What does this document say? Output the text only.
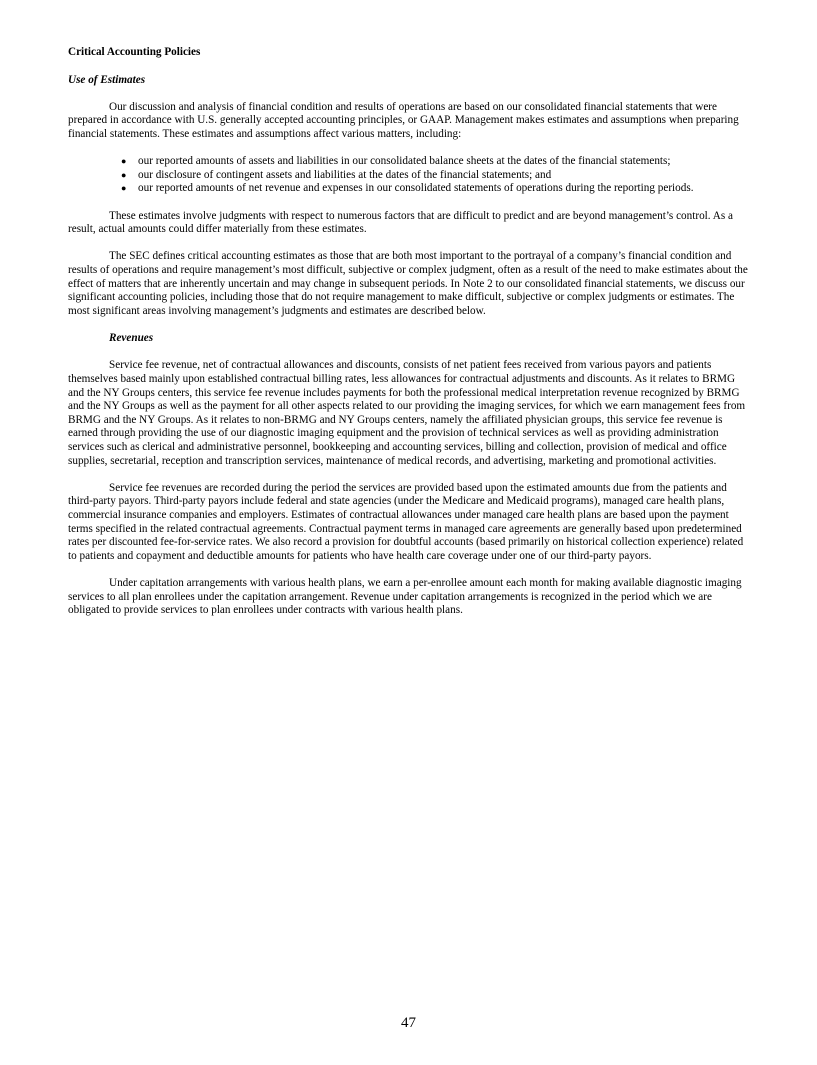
Critical Accounting Policies
Use of Estimates

Our discussion and analysis of financial condition and results of operations are based on our consolidated financial statements that were prepared in accordance with U.S. generally accepted accounting principles, or GAAP. Management makes estimates and assumptions when preparing financial statements. These estimates and assumptions affect various matters, including:

● our reported amounts of assets and liabilities in our consolidated balance sheets at the dates of the financial statements;
● our disclosure of contingent assets and liabilities at the dates of the financial statements; and
● our reported amounts of net revenue and expenses in our consolidated statements of operations during the reporting periods.

These estimates involve judgments with respect to numerous factors that are difficult to predict and are beyond management’s control. As a result, actual amounts could differ materially from these estimates.

The SEC defines critical accounting estimates as those that are both most important to the portrayal of a company’s financial condition and results of operations and require management’s most difficult, subjective or complex judgment, often as a result of the need to make estimates about the effect of matters that are inherently uncertain and may change in subsequent periods. In Note 2 to our consolidated financial statements, we discuss our significant accounting policies, including those that do not require management to make difficult, subjective or complex judgments or estimates. The most significant areas involving management’s judgments and estimates are described below.

Revenues

Service fee revenue, net of contractual allowances and discounts, consists of net patient fees received from various payors and patients themselves based mainly upon established contractual billing rates, less allowances for contractual adjustments and discounts. As it relates to BRMG and the NY Groups centers, this service fee revenue includes payments for both the professional medical interpretation revenue recognized by BRMG and the NY Groups as well as the payment for all other aspects related to our providing the imaging services, for which we earn management fees from BRMG and the NY Groups. As it relates to non-BRMG and NY Groups centers, namely the affiliated physician groups, this service fee revenue is earned through providing the use of our diagnostic imaging equipment and the provision of technical services as well as providing administration services such as clerical and administrative personnel, bookkeeping and accounting services, billing and collection, provision of medical and office supplies, secretarial, reception and transcription services, maintenance of medical records, and advertising, marketing and promotional activities.

Service fee revenues are recorded during the period the services are provided based upon the estimated amounts due from the patients and third-party payors. Third-party payors include federal and state agencies (under the Medicare and Medicaid programs), managed care health plans, commercial insurance companies and employers. Estimates of contractual allowances under managed care health plans are based upon the payment terms specified in the related contractual agreements. Contractual payment terms in managed care agreements are generally based upon predetermined rates per discounted fee-for-service rates. We also record a provision for doubtful accounts (based primarily on historical collection experience) related to patients and copayment and deductible amounts for patients who have health care coverage under one of our third-party payors.

Under capitation arrangements with various health plans, we earn a per-enrollee amount each month for making available diagnostic imaging services to all plan enrollees under the capitation arrangement. Revenue under capitation arrangements is recognized in the period which we are obligated to provide services to plan enrollees under contracts with various health plans.

47
